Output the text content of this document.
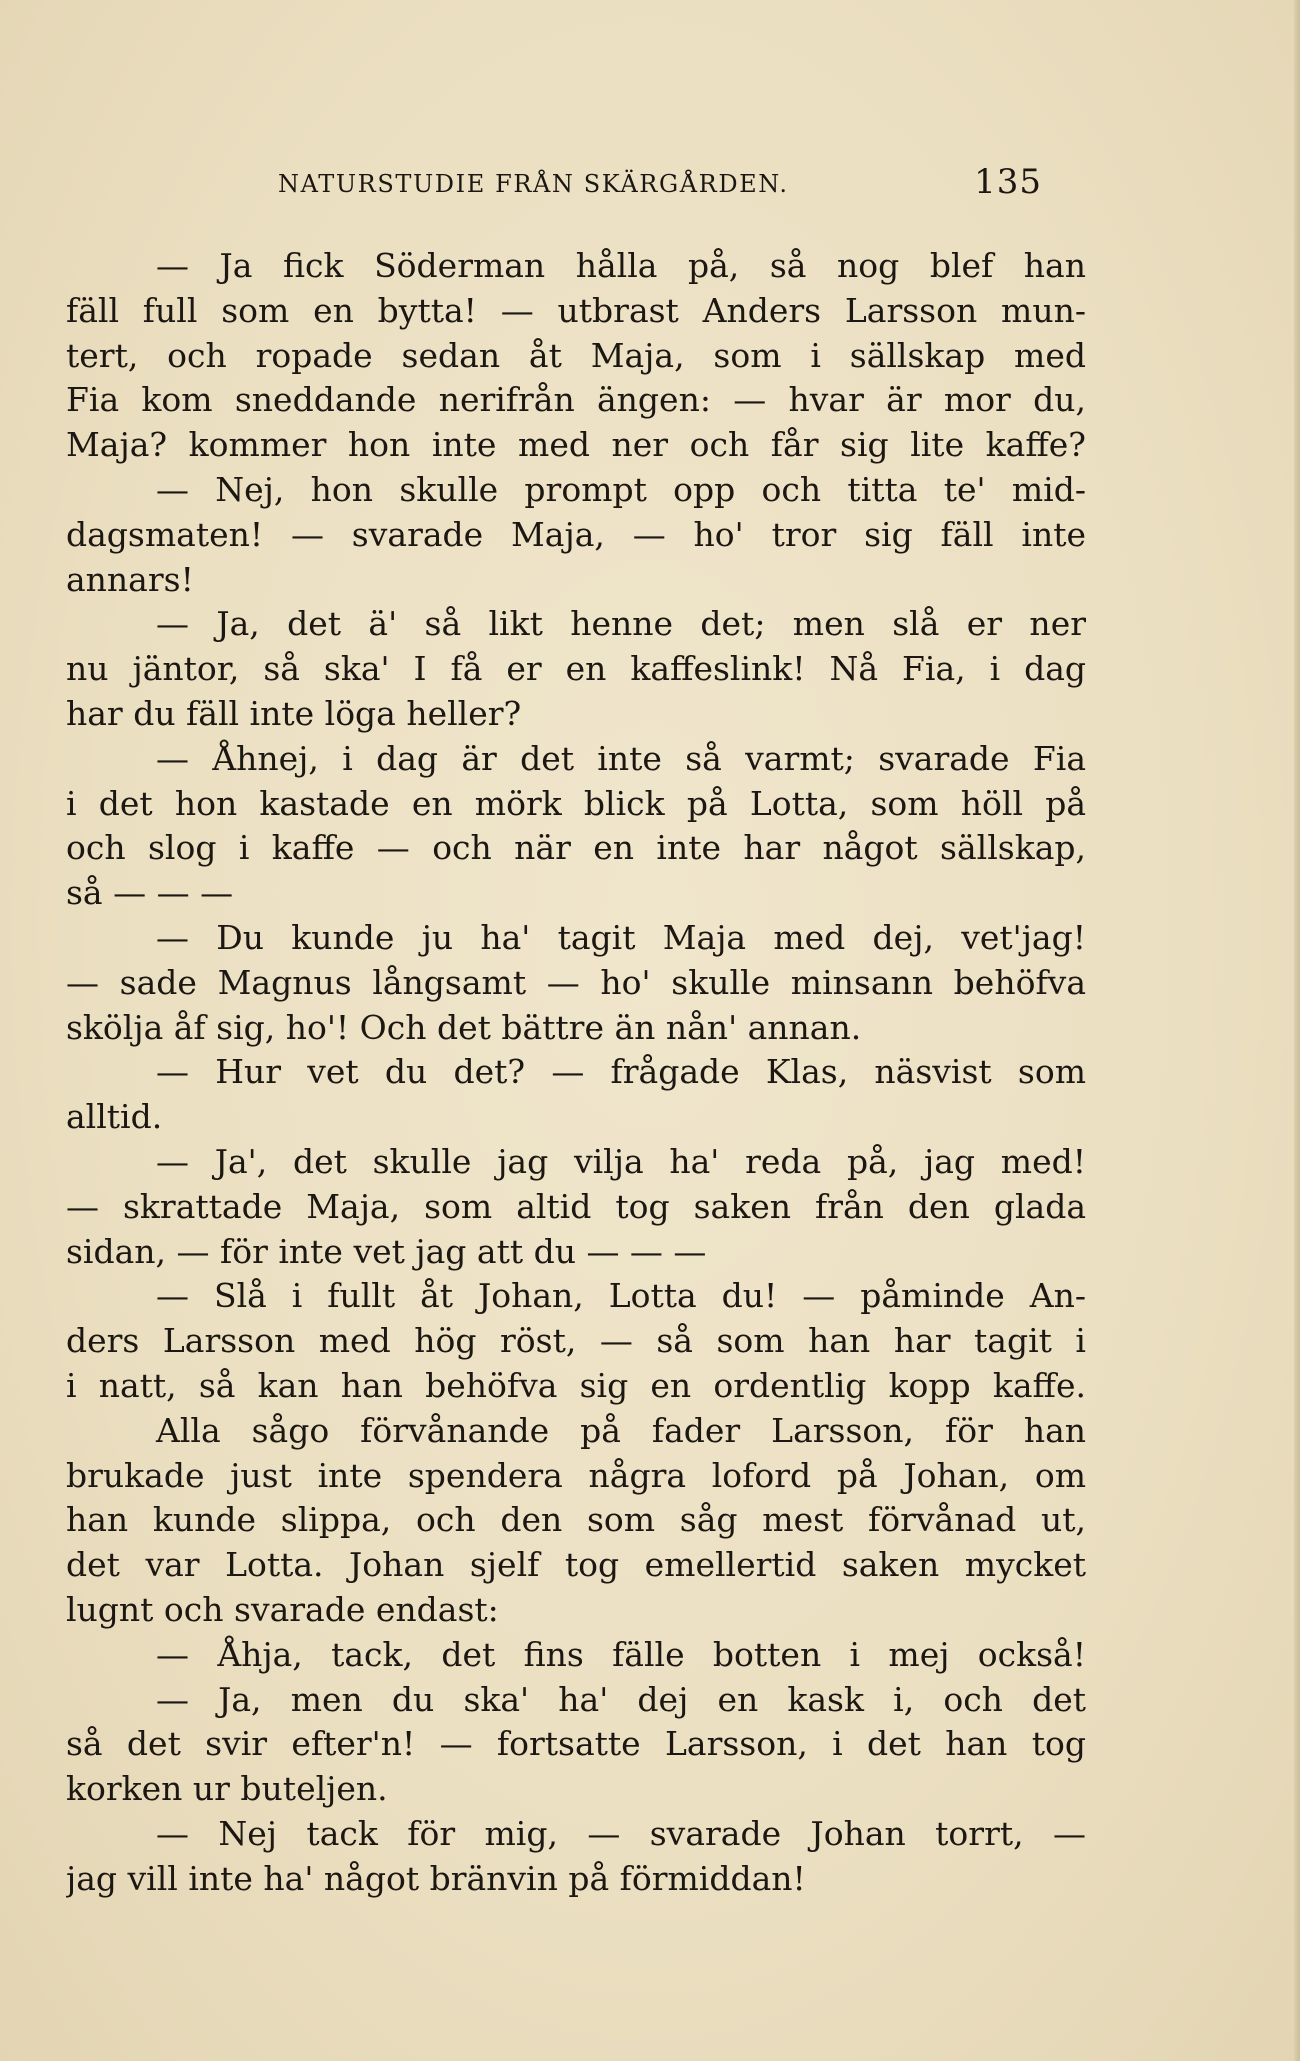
NATURSTUDIE FRÅN SKÄRGÅRDEN.	135
— Ja fick Söderman hålla på, så nog blef han
fäll full som en bytta! — utbrast Anders Larsson mun-
tert, och ropade sedan åt Maja, som i sällskap med
Fia kom sneddande nerifrån ängen: — hvar är mor du,
Maja? kommer hon inte med ner och får sig lite kaffe?
— Nej, hon skulle prompt opp och titta te' mid-
dagsmaten! — svarade Maja, — ho' tror sig fäll inte
annars!
— Ja, det ä' så likt henne det; men slå er ner
nu jäntor, så ska' I få er en kaffeslink! Nå Fia, i dag
har du fäll inte löga heller?
— Åhnej, i dag är det inte så varmt; svarade Fia
i det hon kastade en mörk blick på Lotta, som höll på
och slog i kaffe — och när en inte har något sällskap,
så — — —
— Du kunde ju ha' tagit Maja med dej, vet'jag!
— sade Magnus långsamt — ho' skulle minsann behöfva
skölja åf sig, ho'! Och det bättre än nån' annan.
— Hur vet du det? — frågade Klas, näsvist som
alltid.
— Ja', det skulle jag vilja ha' reda på, jag med!
— skrattade Maja, som altid tog saken från den glada
sidan, — för inte vet jag att du — — —
— Slå i fullt åt Johan, Lotta du! — påminde An-
ders Larsson med hög röst, — så som han har tagit i
i natt, så kan han behöfva sig en ordentlig kopp kaffe.
Alla sågo förvånande på fader Larsson, för han
brukade just inte spendera några loford på Johan, om
han kunde slippa, och den som såg mest förvånad ut,
det var Lotta. Johan sjelf tog emellertid saken mycket
lugnt och svarade endast:
— Åhja, tack, det fins fälle botten i mej också!
— Ja, men du ska' ha' dej en kask i, och det
så det svir efter'n! — fortsatte Larsson, i det han tog
korken ur buteljen.
— Nej tack för mig, — svarade Johan torrt, —
jag vill inte ha' något bränvin på förmiddan!
